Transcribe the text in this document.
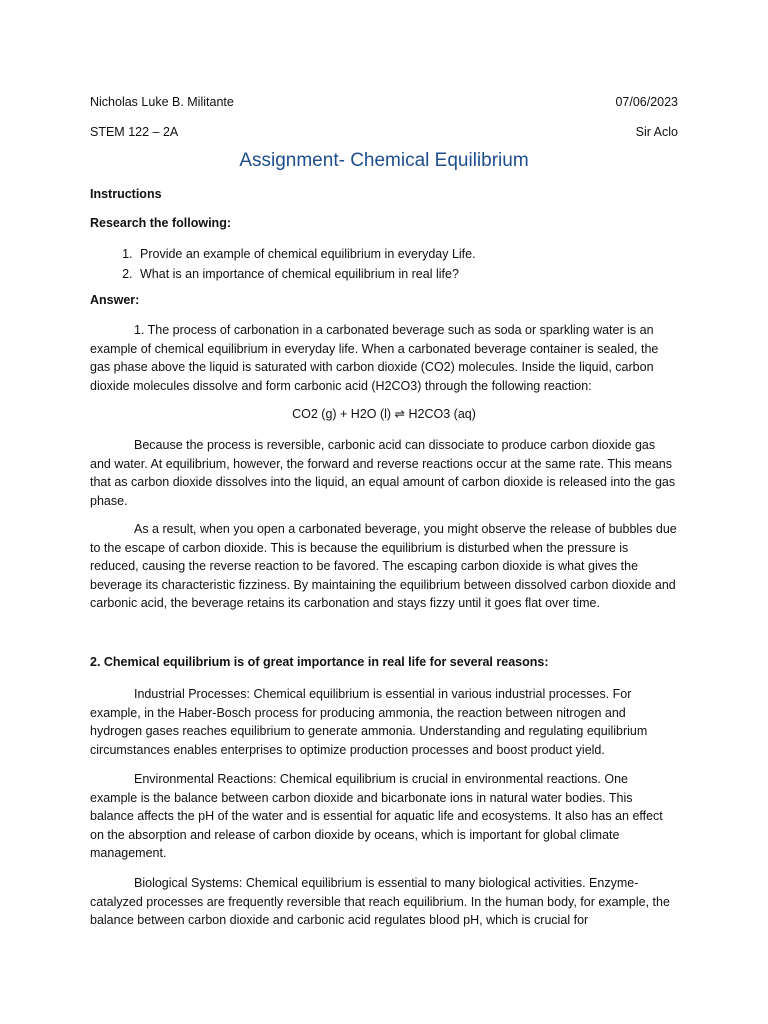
Nicholas Luke B. Militante	07/06/2023
STEM 122 – 2A	Sir Aclo
Assignment- Chemical Equilibrium
Instructions
Research the following:
1. Provide an example of chemical equilibrium in everyday Life.
2. What is an importance of chemical equilibrium in real life?
Answer:

1. The process of carbonation in a carbonated beverage such as soda or sparkling water is an example of chemical equilibrium in everyday life. When a carbonated beverage container is sealed, the gas phase above the liquid is saturated with carbon dioxide (CO2) molecules. Inside the liquid, carbon dioxide molecules dissolve and form carbonic acid (H2CO3) through the following reaction:

CO2 (g) + H2O (l) ⇌ H2CO3 (aq)

Because the process is reversible, carbonic acid can dissociate to produce carbon dioxide gas and water. At equilibrium, however, the forward and reverse reactions occur at the same rate. This means that as carbon dioxide dissolves into the liquid, an equal amount of carbon dioxide is released into the gas phase.

As a result, when you open a carbonated beverage, you might observe the release of bubbles due to the escape of carbon dioxide. This is because the equilibrium is disturbed when the pressure is reduced, causing the reverse reaction to be favored. The escaping carbon dioxide is what gives the beverage its characteristic fizziness. By maintaining the equilibrium between dissolved carbon dioxide and carbonic acid, the beverage retains its carbonation and stays fizzy until it goes flat over time.

2. Chemical equilibrium is of great importance in real life for several reasons:

Industrial Processes: Chemical equilibrium is essential in various industrial processes. For example, in the Haber-Bosch process for producing ammonia, the reaction between nitrogen and hydrogen gases reaches equilibrium to generate ammonia. Understanding and regulating equilibrium circumstances enables enterprises to optimize production processes and boost product yield.

Environmental Reactions: Chemical equilibrium is crucial in environmental reactions. One example is the balance between carbon dioxide and bicarbonate ions in natural water bodies. This balance affects the pH of the water and is essential for aquatic life and ecosystems. It also has an effect on the absorption and release of carbon dioxide by oceans, which is important for global climate management.

Biological Systems: Chemical equilibrium is essential to many biological activities. Enzyme-catalyzed processes are frequently reversible that reach equilibrium. In the human body, for example, the balance between carbon dioxide and carbonic acid regulates blood pH, which is crucial for
